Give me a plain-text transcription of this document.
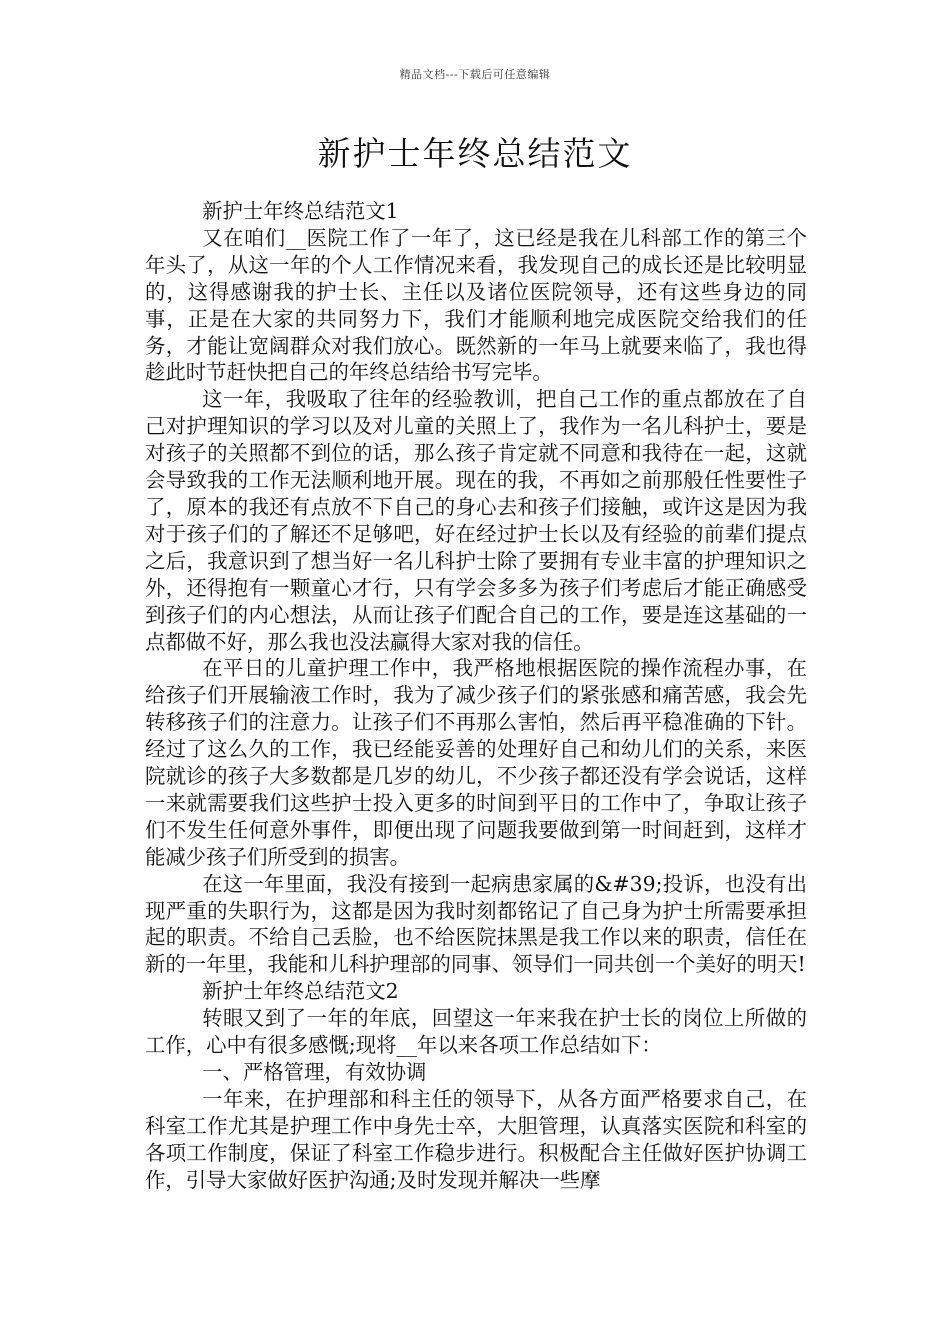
精品文档---下载后可任意编辑
新护士年终总结范文

新护士年终总结范文1

又在咱们__医院工作了一年了，这已经是我在儿科部工作的第三个年头了，从这一年的个人工作情况来看，我发现自己的成长还是比较明显的，这得感谢我的护士长、主任以及诸位医院领导，还有这些身边的同事，正是在大家的共同努力下，我们才能顺利地完成医院交给我们的任务，才能让宽阔群众对我们放心。既然新的一年马上就要来临了，我也得趁此时节赶快把自己的年终总结给书写完毕。

这一年，我吸取了往年的经验教训，把自己工作的重点都放在了自己对护理知识的学习以及对儿童的关照上了，我作为一名儿科护士，要是对孩子的关照都不到位的话，那么孩子肯定就不同意和我待在一起，这就会导致我的工作无法顺利地开展。现在的我，不再如之前那般任性要性子了，原本的我还有点放不下自己的身心去和孩子们接触，或许这是因为我对于孩子们的了解还不足够吧，好在经过护士长以及有经验的前辈们提点之后，我意识到了想当好一名儿科护士除了要拥有专业丰富的护理知识之外，还得抱有一颗童心才行，只有学会多多为孩子们考虑后才能正确感受到孩子们的内心想法，从而让孩子们配合自己的工作，要是连这基础的一点都做不好，那么我也没法赢得大家对我的信任。

在平日的儿童护理工作中，我严格地根据医院的操作流程办事，在给孩子们开展输液工作时，我为了减少孩子们的紧张感和痛苦感，我会先转移孩子们的注意力。让孩子们不再那么害怕，然后再平稳准确的下针。经过了这么久的工作，我已经能妥善的处理好自己和幼儿们的关系，来医院就诊的孩子大多数都是几岁的幼儿，不少孩子都还没有学会说话，这样一来就需要我们这些护士投入更多的时间到平日的工作中了，争取让孩子们不发生任何意外事件，即便出现了问题我要做到第一时间赶到，这样才能减少孩子们所受到的损害。

在这一年里面，我没有接到一起病患家属的&#39;投诉，也没有出现严重的失职行为，这都是因为我时刻都铭记了自己身为护士所需要承担起的职责。不给自己丢脸，也不给医院抹黑是我工作以来的职责，信任在新的一年里，我能和儿科护理部的同事、领导们一同共创一个美好的明天!

新护士年终总结范文2

转眼又到了一年的年底，回望这一年来我在护士长的岗位上所做的工作，心中有很多感慨;现将__年以来各项工作总结如下：

一、严格管理，有效协调

一年来，在护理部和科主任的领导下，从各方面严格要求自己，在科室工作尤其是护理工作中身先士卒，大胆管理，认真落实医院和科室的各项工作制度，保证了科室工作稳步进行。积极配合主任做好医护协调工作，引导大家做好医护沟通;及时发现并解决一些摩
